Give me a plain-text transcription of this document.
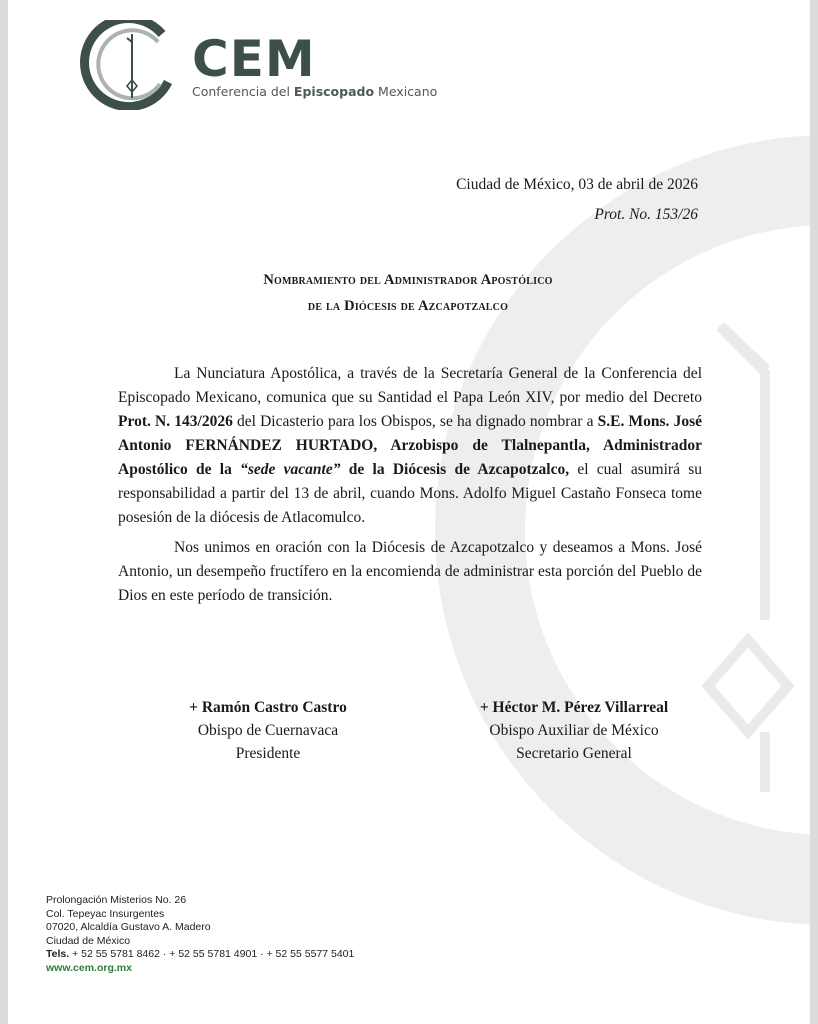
CEM
Conferencia del Episcopado Mexicano
Ciudad de México, 03 de abril de 2026
Prot. No. 153/26
Nombramiento del Administrador Apostólico
de la Diócesis de Azcapotzalco
La Nunciatura Apostólica, a través de la Secretaría General de la Conferencia del Episcopado Mexicano, comunica que su Santidad el Papa León XIV, por medio del Decreto Prot. N. 143/2026 del Dicasterio para los Obispos, se ha dignado nombrar a S.E. Mons. José Antonio FERNÁNDEZ HURTADO, Arzobispo de Tlalnepantla, Administrador Apostólico de la “sede vacante” de la Diócesis de Azcapotzalco, el cual asumirá su responsabilidad a partir del 13 de abril, cuando Mons. Adolfo Miguel Castaño Fonseca tome posesión de la diócesis de Atlacomulco.
Nos unimos en oración con la Diócesis de Azcapotzalco y deseamos a Mons. José Antonio, un desempeño fructífero en la encomienda de administrar esta porción del Pueblo de Dios en este período de transición.
+ Ramón Castro Castro
Obispo de Cuernavaca
Presidente
+ Héctor M. Pérez Villarreal
Obispo Auxiliar de México
Secretario General
Prolongación Misterios No. 26
Col. Tepeyac Insurgentes
07020, Alcaldía Gustavo A. Madero
Ciudad de México
Tels. + 52 55 5781 8462 · + 52 55 5781 4901 · + 52 55 5577 5401
www.cem.org.mx
